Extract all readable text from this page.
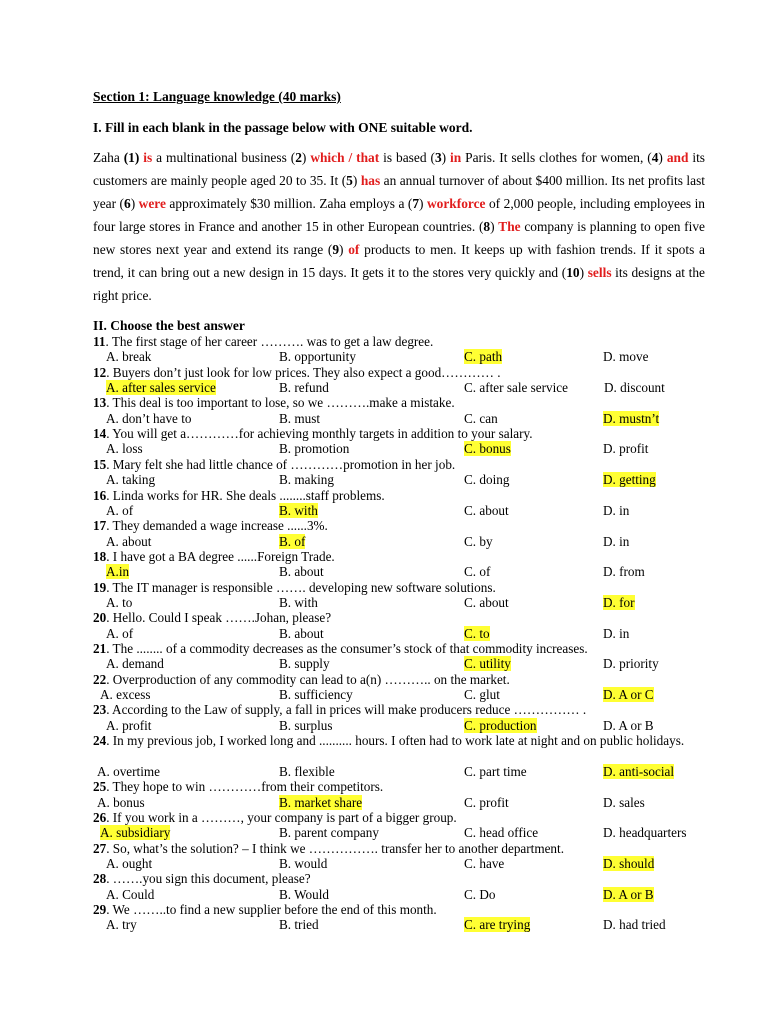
Section 1: Language knowledge (40 marks)
I. Fill in each blank in the passage below with ONE suitable word.
Zaha (1) is a multinational business (2) which / that is based (3) in Paris. It sells clothes for women, (4) and its customers are mainly people aged 20 to 35. It (5) has an annual turnover of about $400 million. Its net profits last year (6) were approximately $30 million. Zaha employs a (7) workforce of 2,000 people, including employees in four large stores in France and another 15 in other European countries. (8) The company is planning to open five new stores next year and extend its range (9) of products to men. It keeps up with fashion trends. If it spots a trend, it can bring out a new design in 15 days. It gets it to the stores very quickly and (10) sells its designs at the right price.
II. Choose the best answer
11. The first stage of her career ………. was to get a law degree.
A. break	B. opportunity	C. path	D. move
12. Buyers don’t just look for low prices. They also expect a good………… .
A. after sales service	B. refund	C. after sale service	D. discount
13. This deal is too important to lose, so we ……….make a mistake.
A. don’t have to	B. must	C. can	D. mustn’t
14. You will get a…………for achieving monthly targets in addition to your salary.
A. loss	B. promotion	C. bonus	D. profit
15. Mary felt she had little chance of …………promotion in her job.
A. taking	B. making	C. doing	D. getting
16. Linda works for HR. She deals ........staff problems.
A. of	B. with	C. about	D. in
17. They demanded a wage increase ......3%.
A. about	B. of	C. by	D. in
18. I have got a BA degree ......Foreign Trade.
A.in	B. about	C. of	D. from
19. The IT manager is responsible ……. developing new software solutions.
A. to	B. with	C. about	D. for
20. Hello. Could I speak …….Johan, please?
A. of	B. about	C. to	D. in
21. The ........ of a commodity decreases as the consumer’s stock of that commodity increases.
A. demand	B. supply	C. utility	D. priority
22. Overproduction of any commodity can lead to a(n) ……….. on the market.
A. excess	B. sufficiency	C. glut	D. A or C
23. According to the Law of supply, a fall in prices will make producers reduce …………… .
A. profit	B. surplus	C. production	D. A or B
24. In my previous job, I worked long and .......... hours. I often had to work late at night and on public holidays.
A. overtime	B. flexible	C. part time	D. anti-social
25. They hope to win …………from their competitors.
A. bonus	B. market share	C. profit	D. sales
26. If you work in a ………, your company is part of a bigger group.
A. subsidiary	B. parent company	C. head office	D. headquarters
27. So, what’s the solution? – I think we ……………. transfer her to another department.
A. ought	B. would	C. have	D. should
28. …….you sign this document, please?
A. Could	B. Would	C. Do	D. A or B
29. We ……..to find a new supplier before the end of this month.
A. try	B. tried	C. are trying	D. had tried
